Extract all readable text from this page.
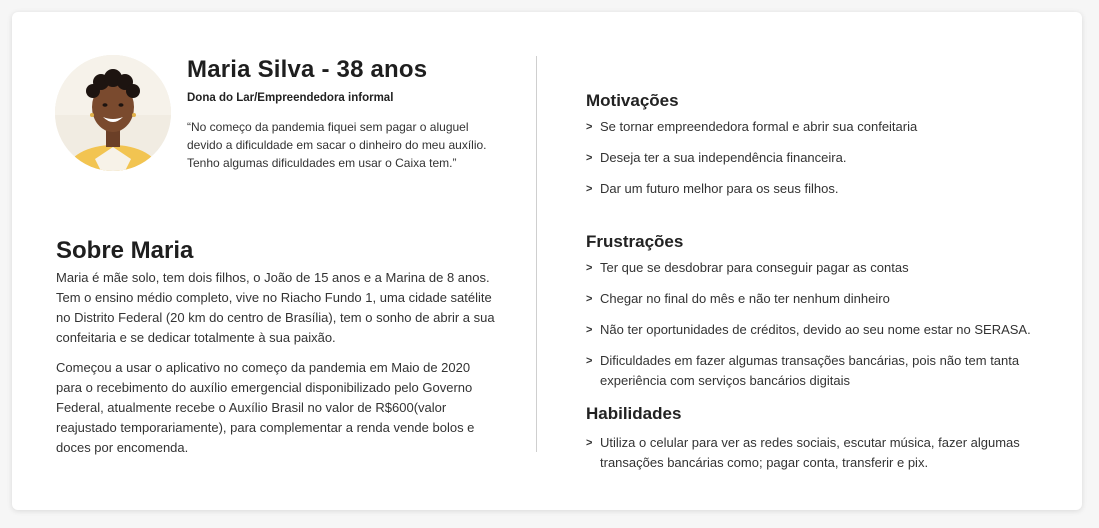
Maria Silva - 38 anos
Dona do Lar/Empreendedora informal
“No começo da pandemia fiquei sem pagar o aluguel devido a dificuldade em sacar o dinheiro do meu auxílio. Tenho algumas dificuldades em usar o Caixa tem.”
Sobre Maria

Maria é mãe solo, tem dois filhos, o João de 15 anos e a Marina de 8 anos. Tem o ensino médio completo, vive no Riacho Fundo 1, uma cidade satélite no Distrito Federal (20 km do centro de Brasília), tem o sonho de abrir a sua confeitaria e se dedicar totalmente à sua paixão.

Começou a usar o aplicativo no começo da pandemia em Maio de 2020 para o recebimento do auxílio emergencial disponibilizado pelo Governo Federal, atualmente recebe o Auxílio Brasil no valor de R$600(valor reajustado temporariamente), para complementar a renda vende bolos e doces por encomenda.

Motivações
> Se tornar empreendedora formal e abrir sua confeitaria
> Deseja ter a sua independência financeira.
> Dar um futuro melhor para os seus filhos.
Frustrações
> Ter que se desdobrar para conseguir pagar as contas
> Chegar no final do mês e não ter nenhum dinheiro
> Não ter oportunidades de créditos, devido ao seu nome estar no SERASA.
> Dificuldades em fazer algumas transações bancárias, pois não tem tanta experiência com serviços bancários digitais
Habilidades
> Utiliza o celular para ver as redes sociais, escutar música, fazer algumas transações bancárias como; pagar conta, transferir e pix.
